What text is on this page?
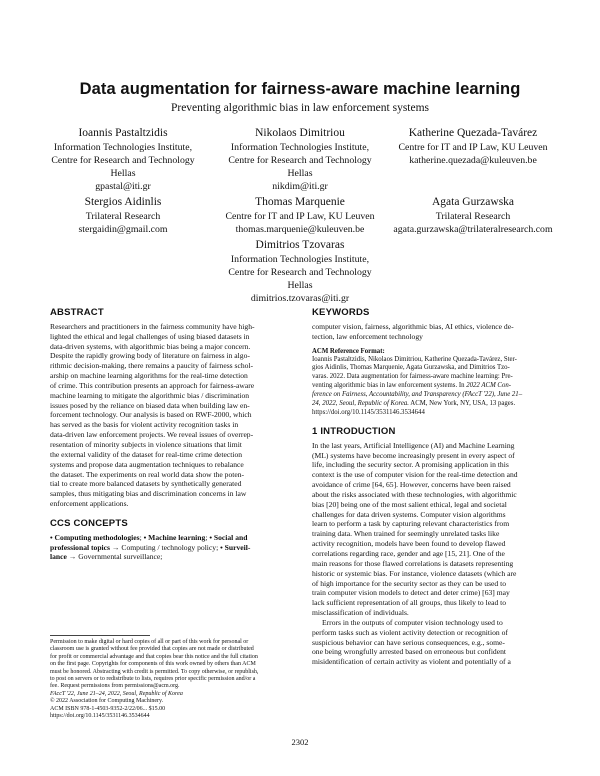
Data augmentation for fairness-aware machine learning
Preventing algorithmic bias in law enforcement systems
Ioannis Pastaltzidis
Information Technologies Institute,
Centre for Research and Technology
Hellas
gpastal@iti.gr
Nikolaos Dimitriou
Information Technologies Institute,
Centre for Research and Technology
Hellas
nikdim@iti.gr
Katherine Quezada-Tavárez
Centre for IT and IP Law, KU Leuven
katherine.quezada@kuleuven.be
Stergios Aidinlis
Trilateral Research
stergaidin@gmail.com
Thomas Marquenie
Centre for IT and IP Law, KU Leuven
thomas.marquenie@kuleuven.be
Agata Gurzawska
Trilateral Research
agata.gurzawska@trilateralresearch.com
Dimitrios Tzovaras
Information Technologies Institute,
Centre for Research and Technology
Hellas
dimitrios.tzovaras@iti.gr
ABSTRACT
Researchers and practitioners in the fairness community have high-
lighted the ethical and legal challenges of using biased datasets in
data-driven systems, with algorithmic bias being a major concern.
Despite the rapidly growing body of literature on fairness in algo-
rithmic decision-making, there remains a paucity of fairness schol-
arship on machine learning algorithms for the real-time detection
of crime. This contribution presents an approach for fairness-aware
machine learning to mitigate the algorithmic bias / discrimination
issues posed by the reliance on biased data when building law en-
forcement technology. Our analysis is based on RWF-2000, which
has served as the basis for violent activity recognition tasks in
data-driven law enforcement projects. We reveal issues of overrep-
resentation of minority subjects in violence situations that limit
the external validity of the dataset for real-time crime detection
systems and propose data augmentation techniques to rebalance
the dataset. The experiments on real world data show the poten-
tial to create more balanced datasets by synthetically generated
samples, thus mitigating bias and discrimination concerns in law
enforcement applications.
CCS CONCEPTS
• Computing methodologies; • Machine learning; • Social and
professional topics → Computing / technology policy; • Surveil-
lance → Governmental surveillance;
Permission to make digital or hard copies of all or part of this work for personal or
classroom use is granted without fee provided that copies are not made or distributed
for profit or commercial advantage and that copies bear this notice and the full citation
on the first page. Copyrights for components of this work owned by others than ACM
must be honored. Abstracting with credit is permitted. To copy otherwise, or republish,
to post on servers or to redistribute to lists, requires prior specific permission and/or a
fee. Request permissions from permissions@acm.org.
FAccT '22, June 21–24, 2022, Seoul, Republic of Korea
© 2022 Association for Computing Machinery.
ACM ISBN 978-1-4503-9352-2/22/06... $15.00
https://doi.org/10.1145/3531146.3534644
KEYWORDS
computer vision, fairness, algorithmic bias, AI ethics, violence de-
tection, law enforcement technology
ACM Reference Format:
Ioannis Pastaltzidis, Nikolaos Dimitriou, Katherine Quezada-Tavárez, Ster-
gios Aidinlis, Thomas Marquenie, Agata Gurzawska, and Dimitrios Tzo-
varas. 2022. Data augmentation for fairness-aware machine learning: Pre-
venting algorithmic bias in law enforcement systems. In 2022 ACM Con-
ference on Fairness, Accountability, and Transparency (FAccT '22), June 21–
24, 2022, Seoul, Republic of Korea. ACM, New York, NY, USA, 13 pages.
https://doi.org/10.1145/3531146.3534644
1 INTRODUCTION
In the last years, Artificial Intelligence (AI) and Machine Learning
(ML) systems have become increasingly present in every aspect of
life, including the security sector. A promising application in this
context is the use of computer vision for the real-time detection and
avoidance of crime [64, 65]. However, concerns have been raised
about the risks associated with these technologies, with algorithmic
bias [20] being one of the most salient ethical, legal and societal
challenges for data driven systems. Computer vision algorithms
learn to perform a task by capturing relevant characteristics from
training data. When trained for seemingly unrelated tasks like
activity recognition, models have been found to develop flawed
correlations regarding race, gender and age [15, 21]. One of the
main reasons for those flawed correlations is datasets representing
historic or systemic bias. For instance, violence datasets (which are
of high importance for the security sector as they can be used to
train computer vision models to detect and deter crime) [63] may
lack sufficient representation of all groups, thus likely to lead to
misclassification of individuals.
Errors in the outputs of computer vision technology used to
perform tasks such as violent activity detection or recognition of
suspicious behavior can have serious consequences, e.g., some-
one being wrongfully arrested based on erroneous but confident
misidentification of certain activity as violent and potentially of a
2302
